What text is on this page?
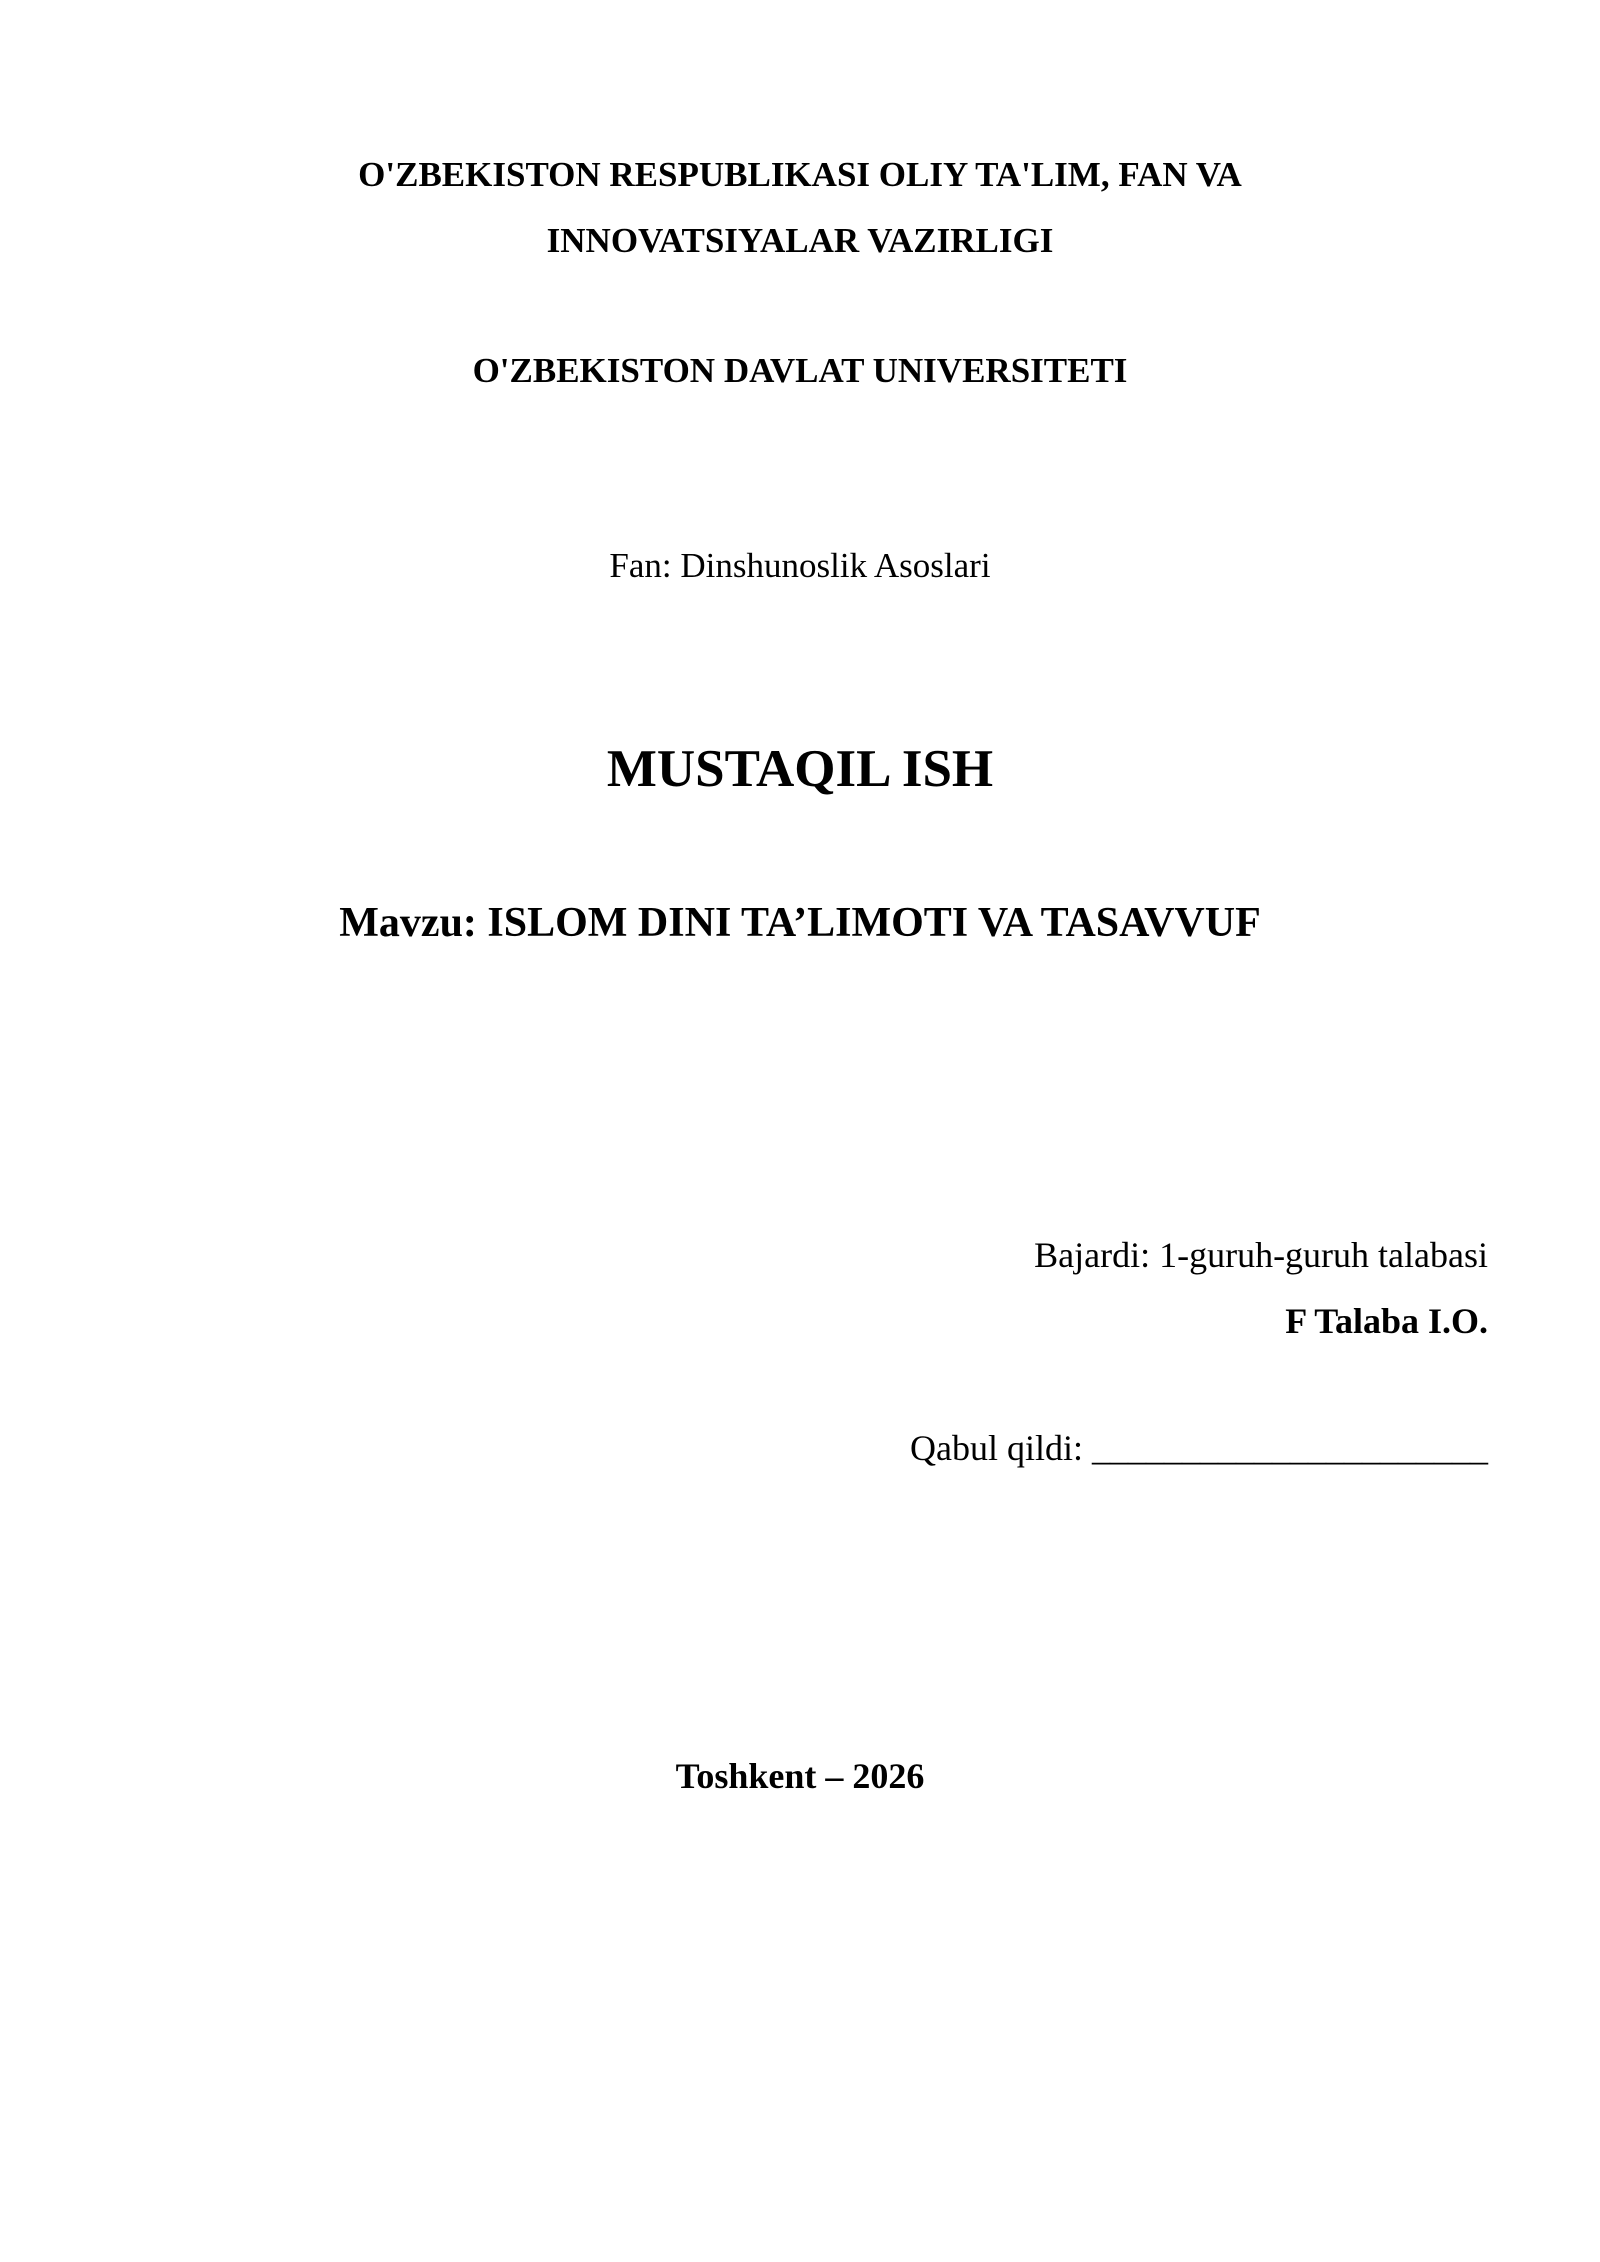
O'ZBEKISTON RESPUBLIKASI OLIY TA'LIM, FAN VA
INNOVATSIYALAR VAZIRLIGI
O'ZBEKISTON DAVLAT UNIVERSITETI
Fan: Dinshunoslik Asoslari
MUSTAQIL ISH
Mavzu: ISLOM DINI TA’LIMOTI VA TASAVVUF
Bajardi: 1-guruh-guruh talabasi
F Talaba I.O.
Qabul qildi: ______________________
Toshkent – 2026
